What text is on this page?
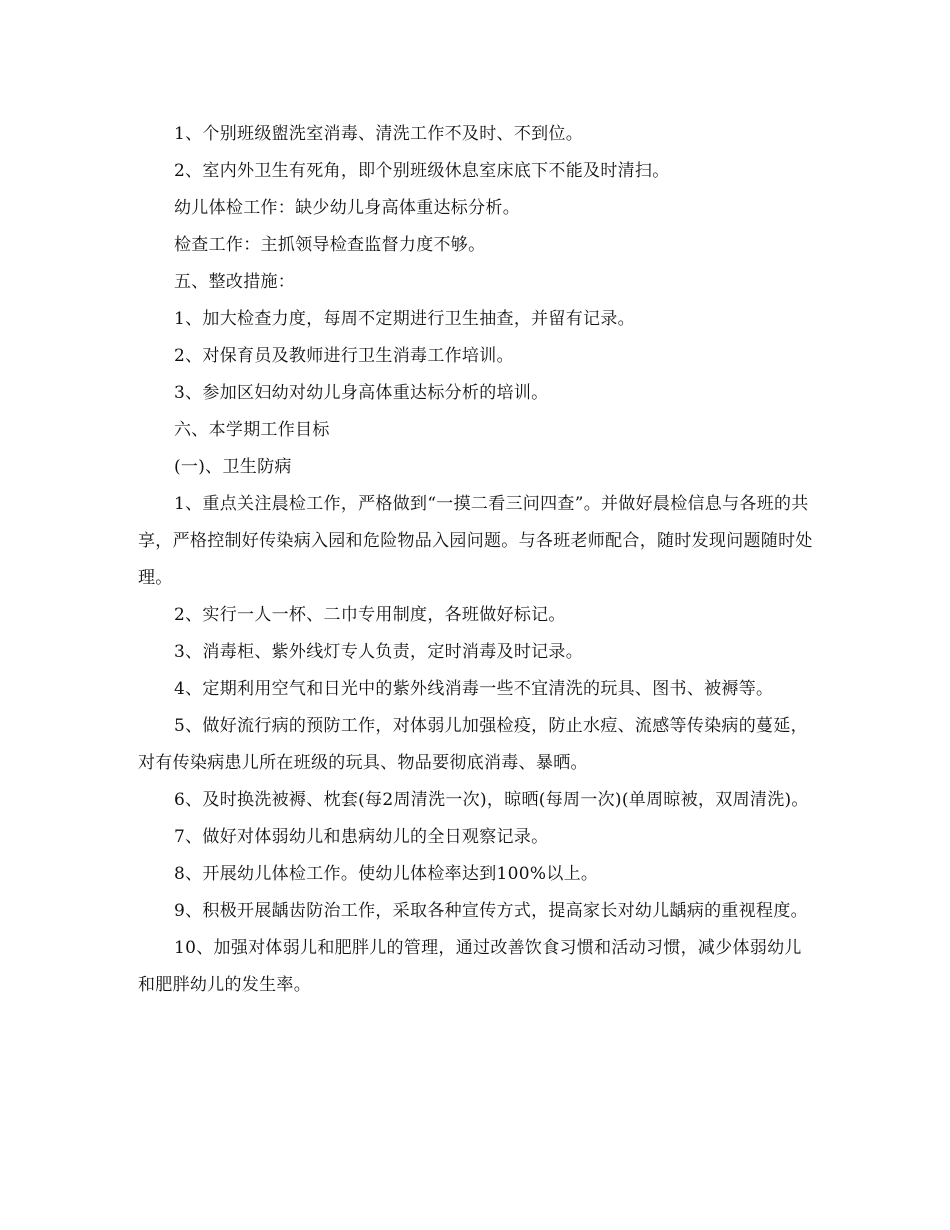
1、个别班级盥洗室消毒、清洗工作不及时、不到位。

2、室内外卫生有死角，即个别班级休息室床底下不能及时清扫。

幼儿体检工作：缺少幼儿身高体重达标分析。

检查工作：主抓领导检查监督力度不够。

五、整改措施：

1、加大检查力度，每周不定期进行卫生抽查，并留有记录。

2、对保育员及教师进行卫生消毒工作培训。

3、参加区妇幼对幼儿身高体重达标分析的培训。

六、本学期工作目标

(一)、卫生防病

1、重点关注晨检工作，严格做到“一摸二看三问四查”。并做好晨检信息与各班的共享，严格控制好传染病入园和危险物品入园问题。与各班老师配合，随时发现问题随时处理。

2、实行一人一杯、二巾专用制度，各班做好标记。

3、消毒柜、紫外线灯专人负责，定时消毒及时记录。

4、定期利用空气和日光中的紫外线消毒一些不宜清洗的玩具、图书、被褥等。

5、做好流行病的预防工作，对体弱儿加强检疫，防止水痘、流感等传染病的蔓延，对有传染病患儿所在班级的玩具、物品要彻底消毒、暴晒。

6、及时换洗被褥、枕套(每2周清洗一次)，晾晒(每周一次)(单周晾被，双周清洗)。

7、做好对体弱幼儿和患病幼儿的全日观察记录。

8、开展幼儿体检工作。使幼儿体检率达到100%以上。

9、积极开展龋齿防治工作，采取各种宣传方式，提高家长对幼儿龋病的重视程度。

10、加强对体弱儿和肥胖儿的管理，通过改善饮食习惯和活动习惯，减少体弱幼儿和肥胖幼儿的发生率。
